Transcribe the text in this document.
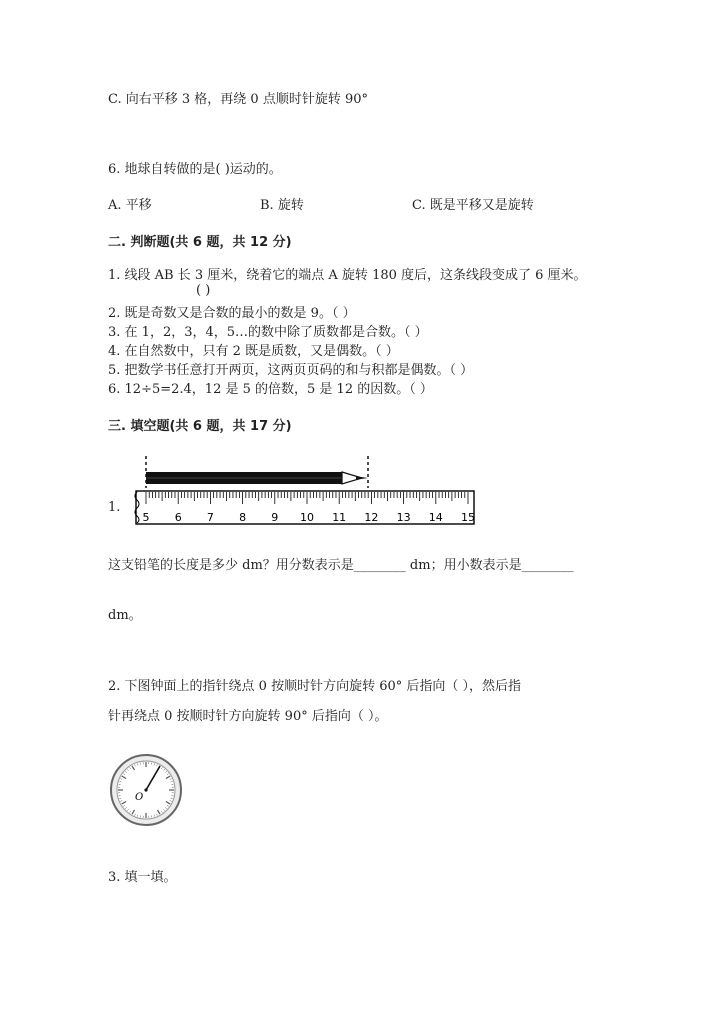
C. 向右平移 3 格，再绕 0 点顺时针旋转 90°
6. 地球自转做的是( )运动的。
A. 平移	B. 旋转	C. 既是平移又是旋转
二. 判断题(共 6 题，共 12 分)
1. 线段 AB 长 3 厘米，绕着它的端点 A 旋转 180 度后，这条线段变成了 6 厘米。
( )
2. 既是奇数又是合数的最小的数是 9。（ ）
3. 在 1，2，3，4，5…的数中除了质数都是合数。（ ）
4. 在自然数中，只有 2 既是质数，又是偶数。（ ）
5. 把数学书任意打开两页，这两页页码的和与积都是偶数。（ ）
6. 12÷5=2.4，12 是 5 的倍数，5 是 12 的因数。（ ）
三. 填空题(共 6 题，共 17 分)
1.
5 6 7 8 9 10 11 12 13 14 15
这支铅笔的长度是多少 dm？用分数表示是________ dm；用小数表示是________
dm。
2. 下图钟面上的指针绕点 0 按顺时针方向旋转 60° 后指向（ ），然后指
针再绕点 0 按顺时针方向旋转 90° 后指向（ ）。
O
3. 填一填。
